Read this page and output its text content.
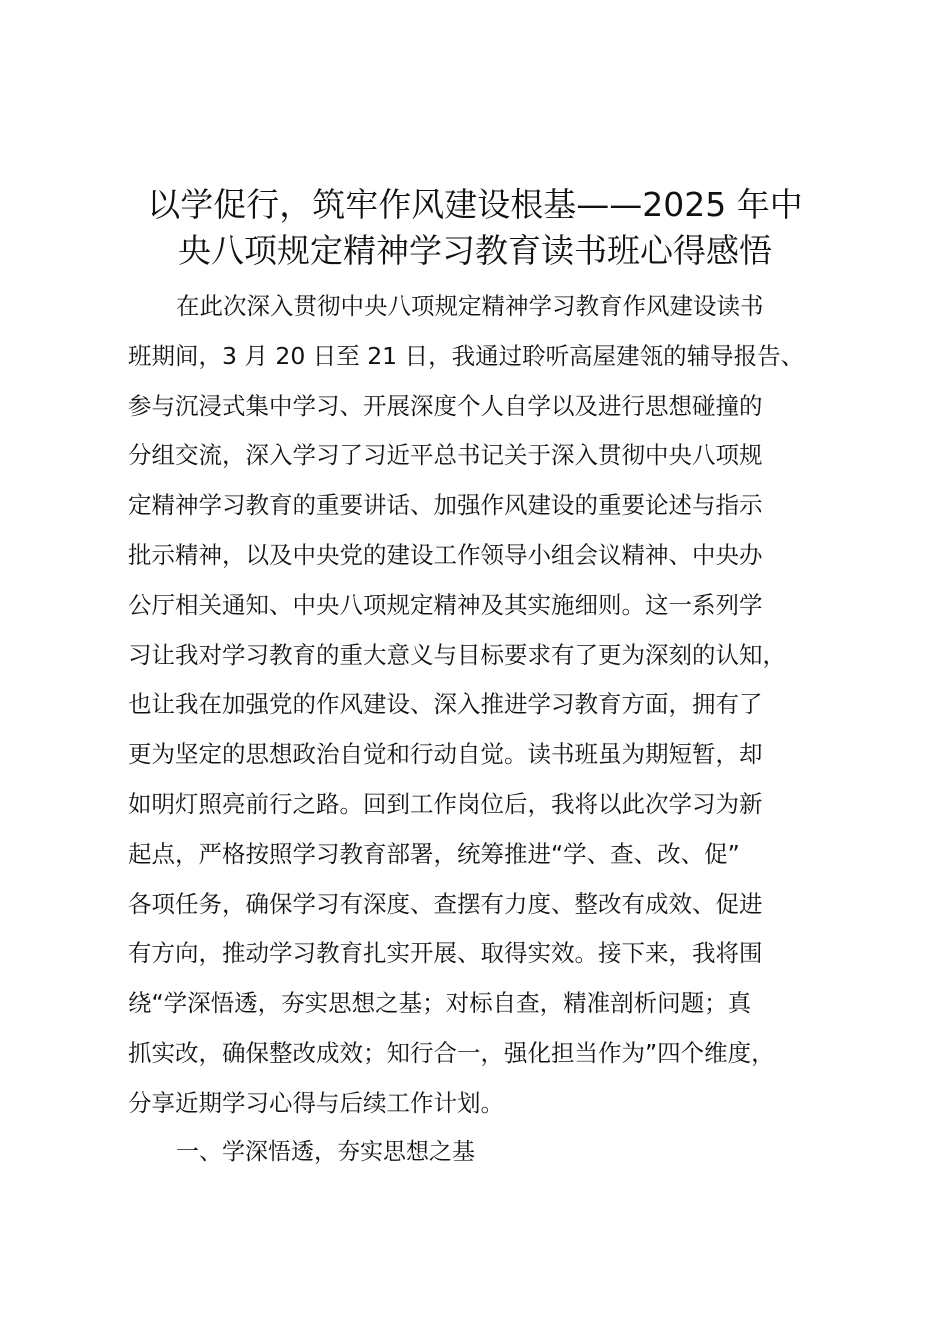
以学促行，筑牢作风建设根基——2025 年中
央八项规定精神学习教育读书班心得感悟
在此次深入贯彻中央八项规定精神学习教育作风建设读书
班期间，3 月 20 日至 21 日，我通过聆听高屋建瓴的辅导报告、
参与沉浸式集中学习、开展深度个人自学以及进行思想碰撞的
分组交流，深入学习了习近平总书记关于深入贯彻中央八项规
定精神学习教育的重要讲话、加强作风建设的重要论述与指示
批示精神，以及中央党的建设工作领导小组会议精神、中央办
公厅相关通知、中央八项规定精神及其实施细则。这一系列学
习让我对学习教育的重大意义与目标要求有了更为深刻的认知，
也让我在加强党的作风建设、深入推进学习教育方面，拥有了
更为坚定的思想政治自觉和行动自觉。读书班虽为期短暂，却
如明灯照亮前行之路。回到工作岗位后，我将以此次学习为新
起点，严格按照学习教育部署，统筹推进“学、查、改、促”
各项任务，确保学习有深度、查摆有力度、整改有成效、促进
有方向，推动学习教育扎实开展、取得实效。接下来，我将围
绕“学深悟透，夯实思想之基；对标自查，精准剖析问题；真
抓实改，确保整改成效；知行合一，强化担当作为”四个维度，
分享近期学习心得与后续工作计划。
一、学深悟透，夯实思想之基
